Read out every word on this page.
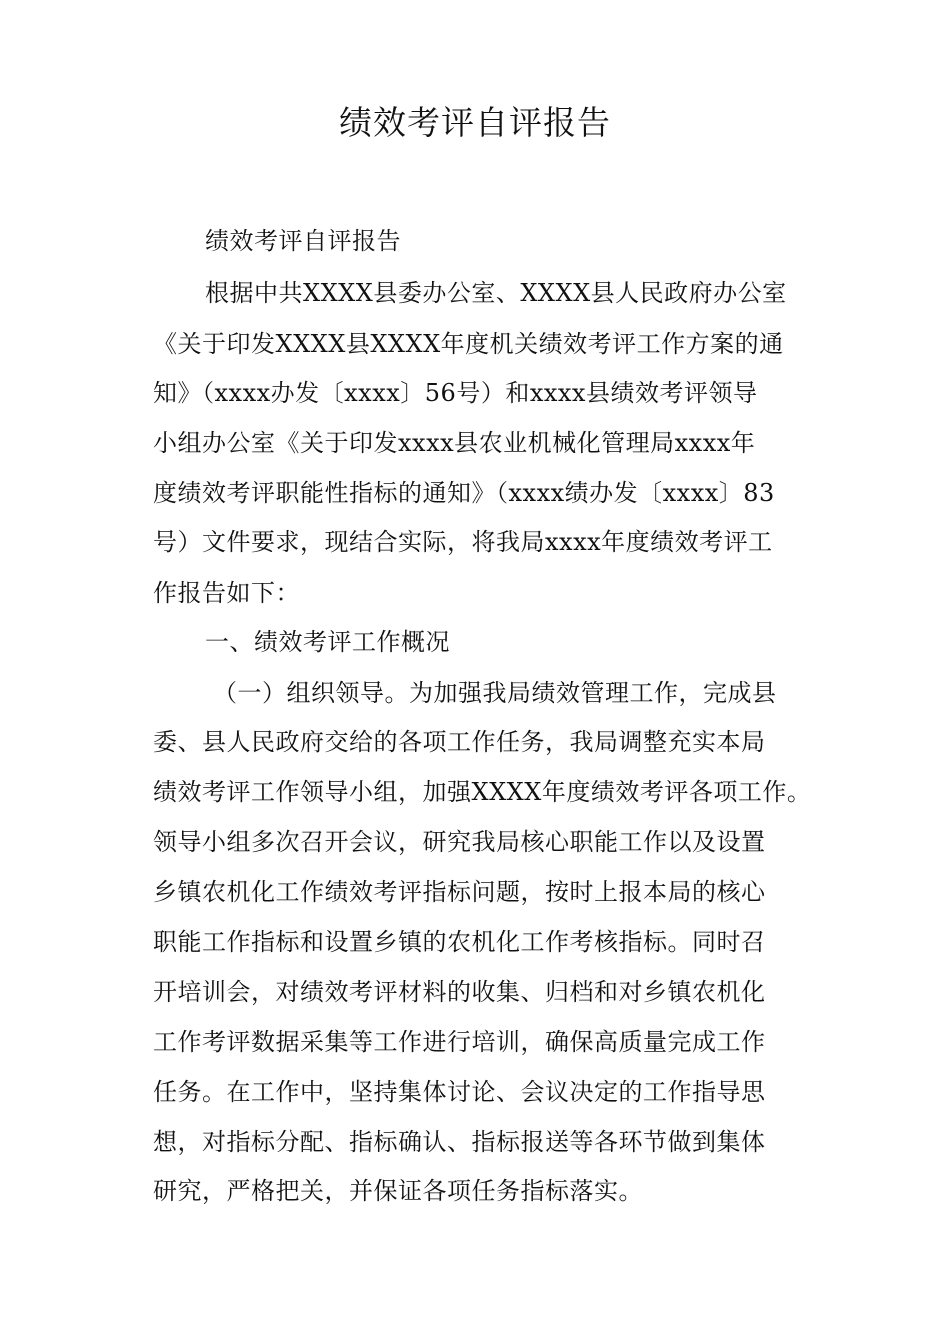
绩效考评自评报告
绩效考评自评报告
根据中共XXXX县委办公室、XXXX县人民政府办公室
《关于印发XXXX县XXXX年度机关绩效考评工作方案的通
知》（xxxx办发〔xxxx〕56号）和xxxx县绩效考评领导
小组办公室《关于印发xxxx县农业机械化管理局xxxx年
度绩效考评职能性指标的通知》（xxxx绩办发〔xxxx〕83
号）文件要求，现结合实际，将我局xxxx年度绩效考评工
作报告如下：
一、绩效考评工作概况
（一）组织领导。为加强我局绩效管理工作，完成县
委、县人民政府交给的各项工作任务，我局调整充实本局
绩效考评工作领导小组，加强XXXX年度绩效考评各项工作。
领导小组多次召开会议，研究我局核心职能工作以及设置
乡镇农机化工作绩效考评指标问题，按时上报本局的核心
职能工作指标和设置乡镇的农机化工作考核指标。同时召
开培训会，对绩效考评材料的收集、归档和对乡镇农机化
工作考评数据采集等工作进行培训，确保高质量完成工作
任务。在工作中，坚持集体讨论、会议决定的工作指导思
想，对指标分配、指标确认、指标报送等各环节做到集体
研究，严格把关，并保证各项任务指标落实。
